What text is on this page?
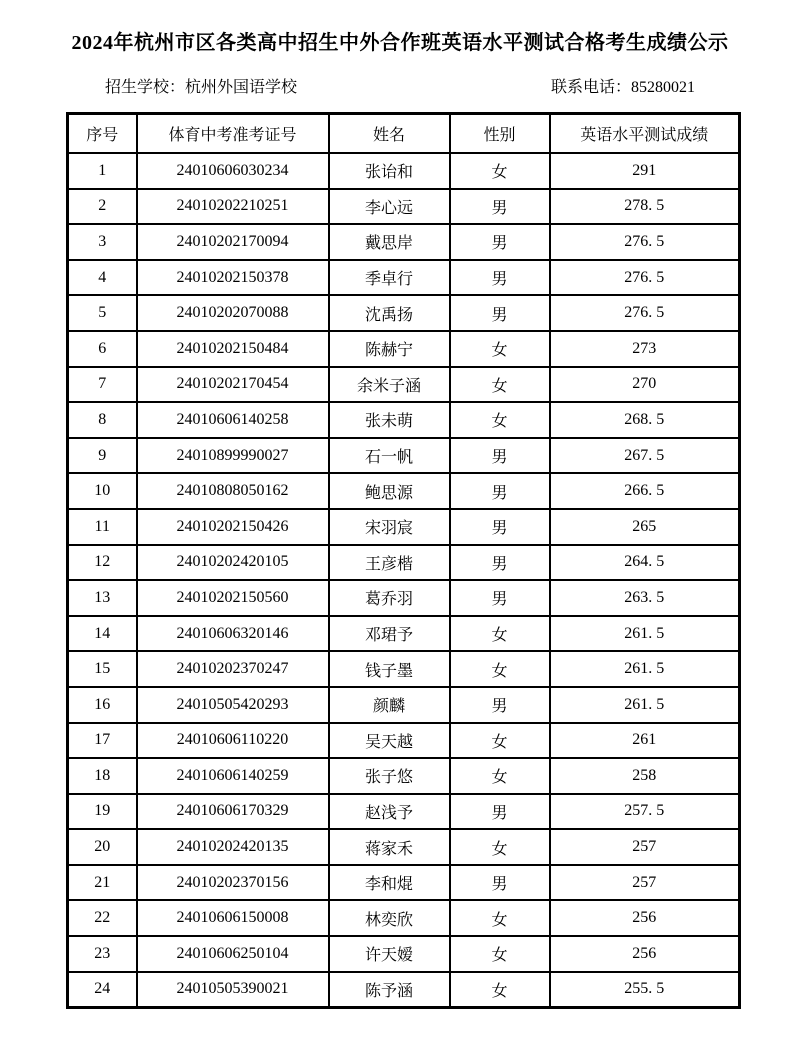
2024年杭州市区各类高中招生中外合作班英语水平测试合格考生成绩公示
招生学校：杭州外国语学校	联系电话：85280021
序号	体育中考准考证号	姓名	性别	英语水平测试成绩
1	24010606030234	张诒和	女	291
2	24010202210251	李心远	男	278. 5
3	24010202170094	戴思岸	男	276. 5
4	24010202150378	季卓行	男	276. 5
5	24010202070088	沈禹扬	男	276. 5
6	24010202150484	陈赫宁	女	273
7	24010202170454	余米子涵	女	270
8	24010606140258	张未萌	女	268. 5
9	24010899990027	石一帆	男	267. 5
10	24010808050162	鲍思源	男	266. 5
11	24010202150426	宋羽宸	男	265
12	24010202420105	王彦楷	男	264. 5
13	24010202150560	葛乔羽	男	263. 5
14	24010606320146	邓珺予	女	261. 5
15	24010202370247	钱子墨	女	261. 5
16	24010505420293	颜麟	男	261. 5
17	24010606110220	吴天越	女	261
18	24010606140259	张子悠	女	258
19	24010606170329	赵浅予	男	257. 5
20	24010202420135	蒋家禾	女	257
21	24010202370156	李和焜	男	257
22	24010606150008	林奕欣	女	256
23	24010606250104	许天嫒	女	256
24	24010505390021	陈予涵	女	255. 5
